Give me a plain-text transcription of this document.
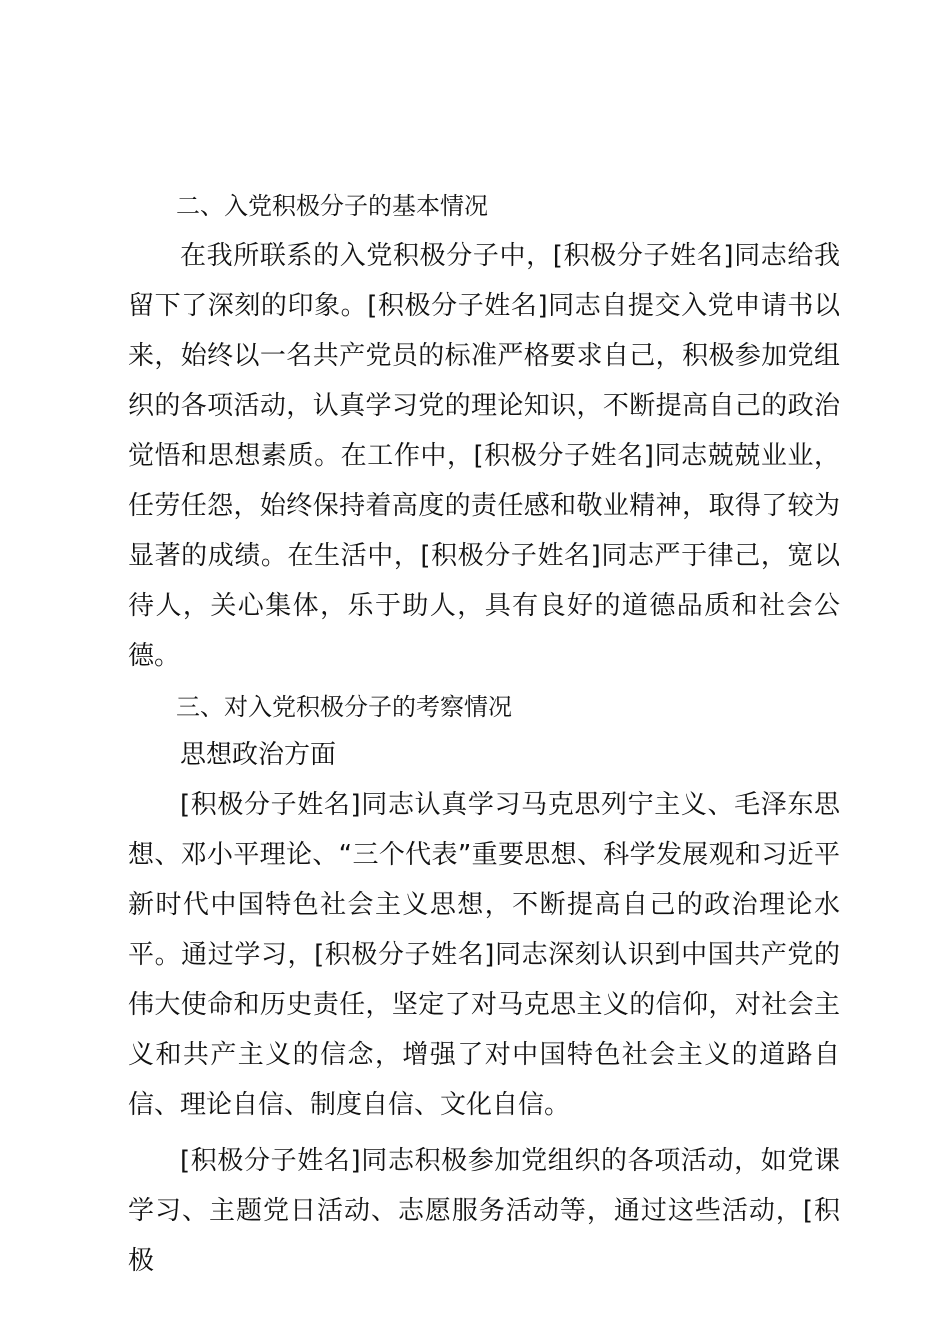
二、入党积极分子的基本情况

在我所联系的入党积极分子中，[积极分子姓名]同志给我留下了深刻的印象。[积极分子姓名]同志自提交入党申请书以来，始终以一名共产党员的标准严格要求自己，积极参加党组织的各项活动，认真学习党的理论知识，不断提高自己的政治觉悟和思想素质。在工作中，[积极分子姓名]同志兢兢业业，任劳任怨，始终保持着高度的责任感和敬业精神，取得了较为显著的成绩。在生活中，[积极分子姓名]同志严于律己，宽以待人，关心集体，乐于助人，具有良好的道德品质和社会公德。

三、对入党积极分子的考察情况
思想政治方面

[积极分子姓名]同志认真学习马克思列宁主义、毛泽东思想、邓小平理论、“三个代表”重要思想、科学发展观和习近平新时代中国特色社会主义思想，不断提高自己的政治理论水平。通过学习，[积极分子姓名]同志深刻认识到中国共产党的伟大使命和历史责任，坚定了对马克思主义的信仰，对社会主义和共产主义的信念，增强了对中国特色社会主义的道路自信、理论自信、制度自信、文化自信。

[积极分子姓名]同志积极参加党组织的各项活动，如党课学习、主题党日活动、志愿服务活动等，通过这些活动，[积极
